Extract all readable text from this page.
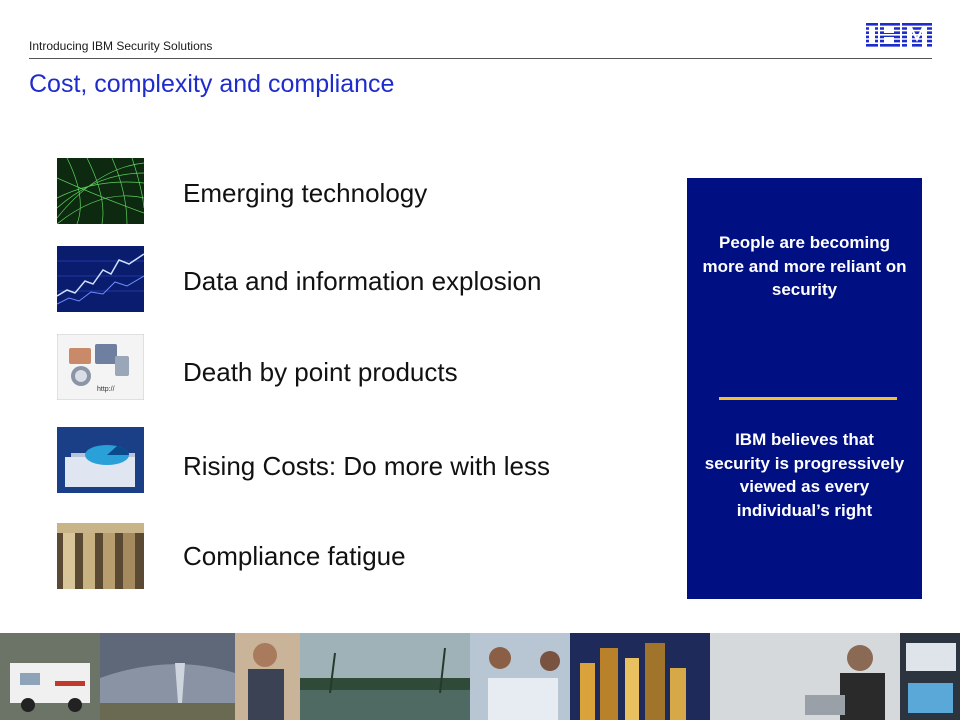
Introducing IBM Security Solutions
Cost, complexity and compliance
Emerging technology
Data and information explosion
http://
Death by point products
Rising Costs: Do more with less
Compliance fatigue
People are becoming more and more reliant on security
IBM believes that security is progressively viewed as every individual’s right
